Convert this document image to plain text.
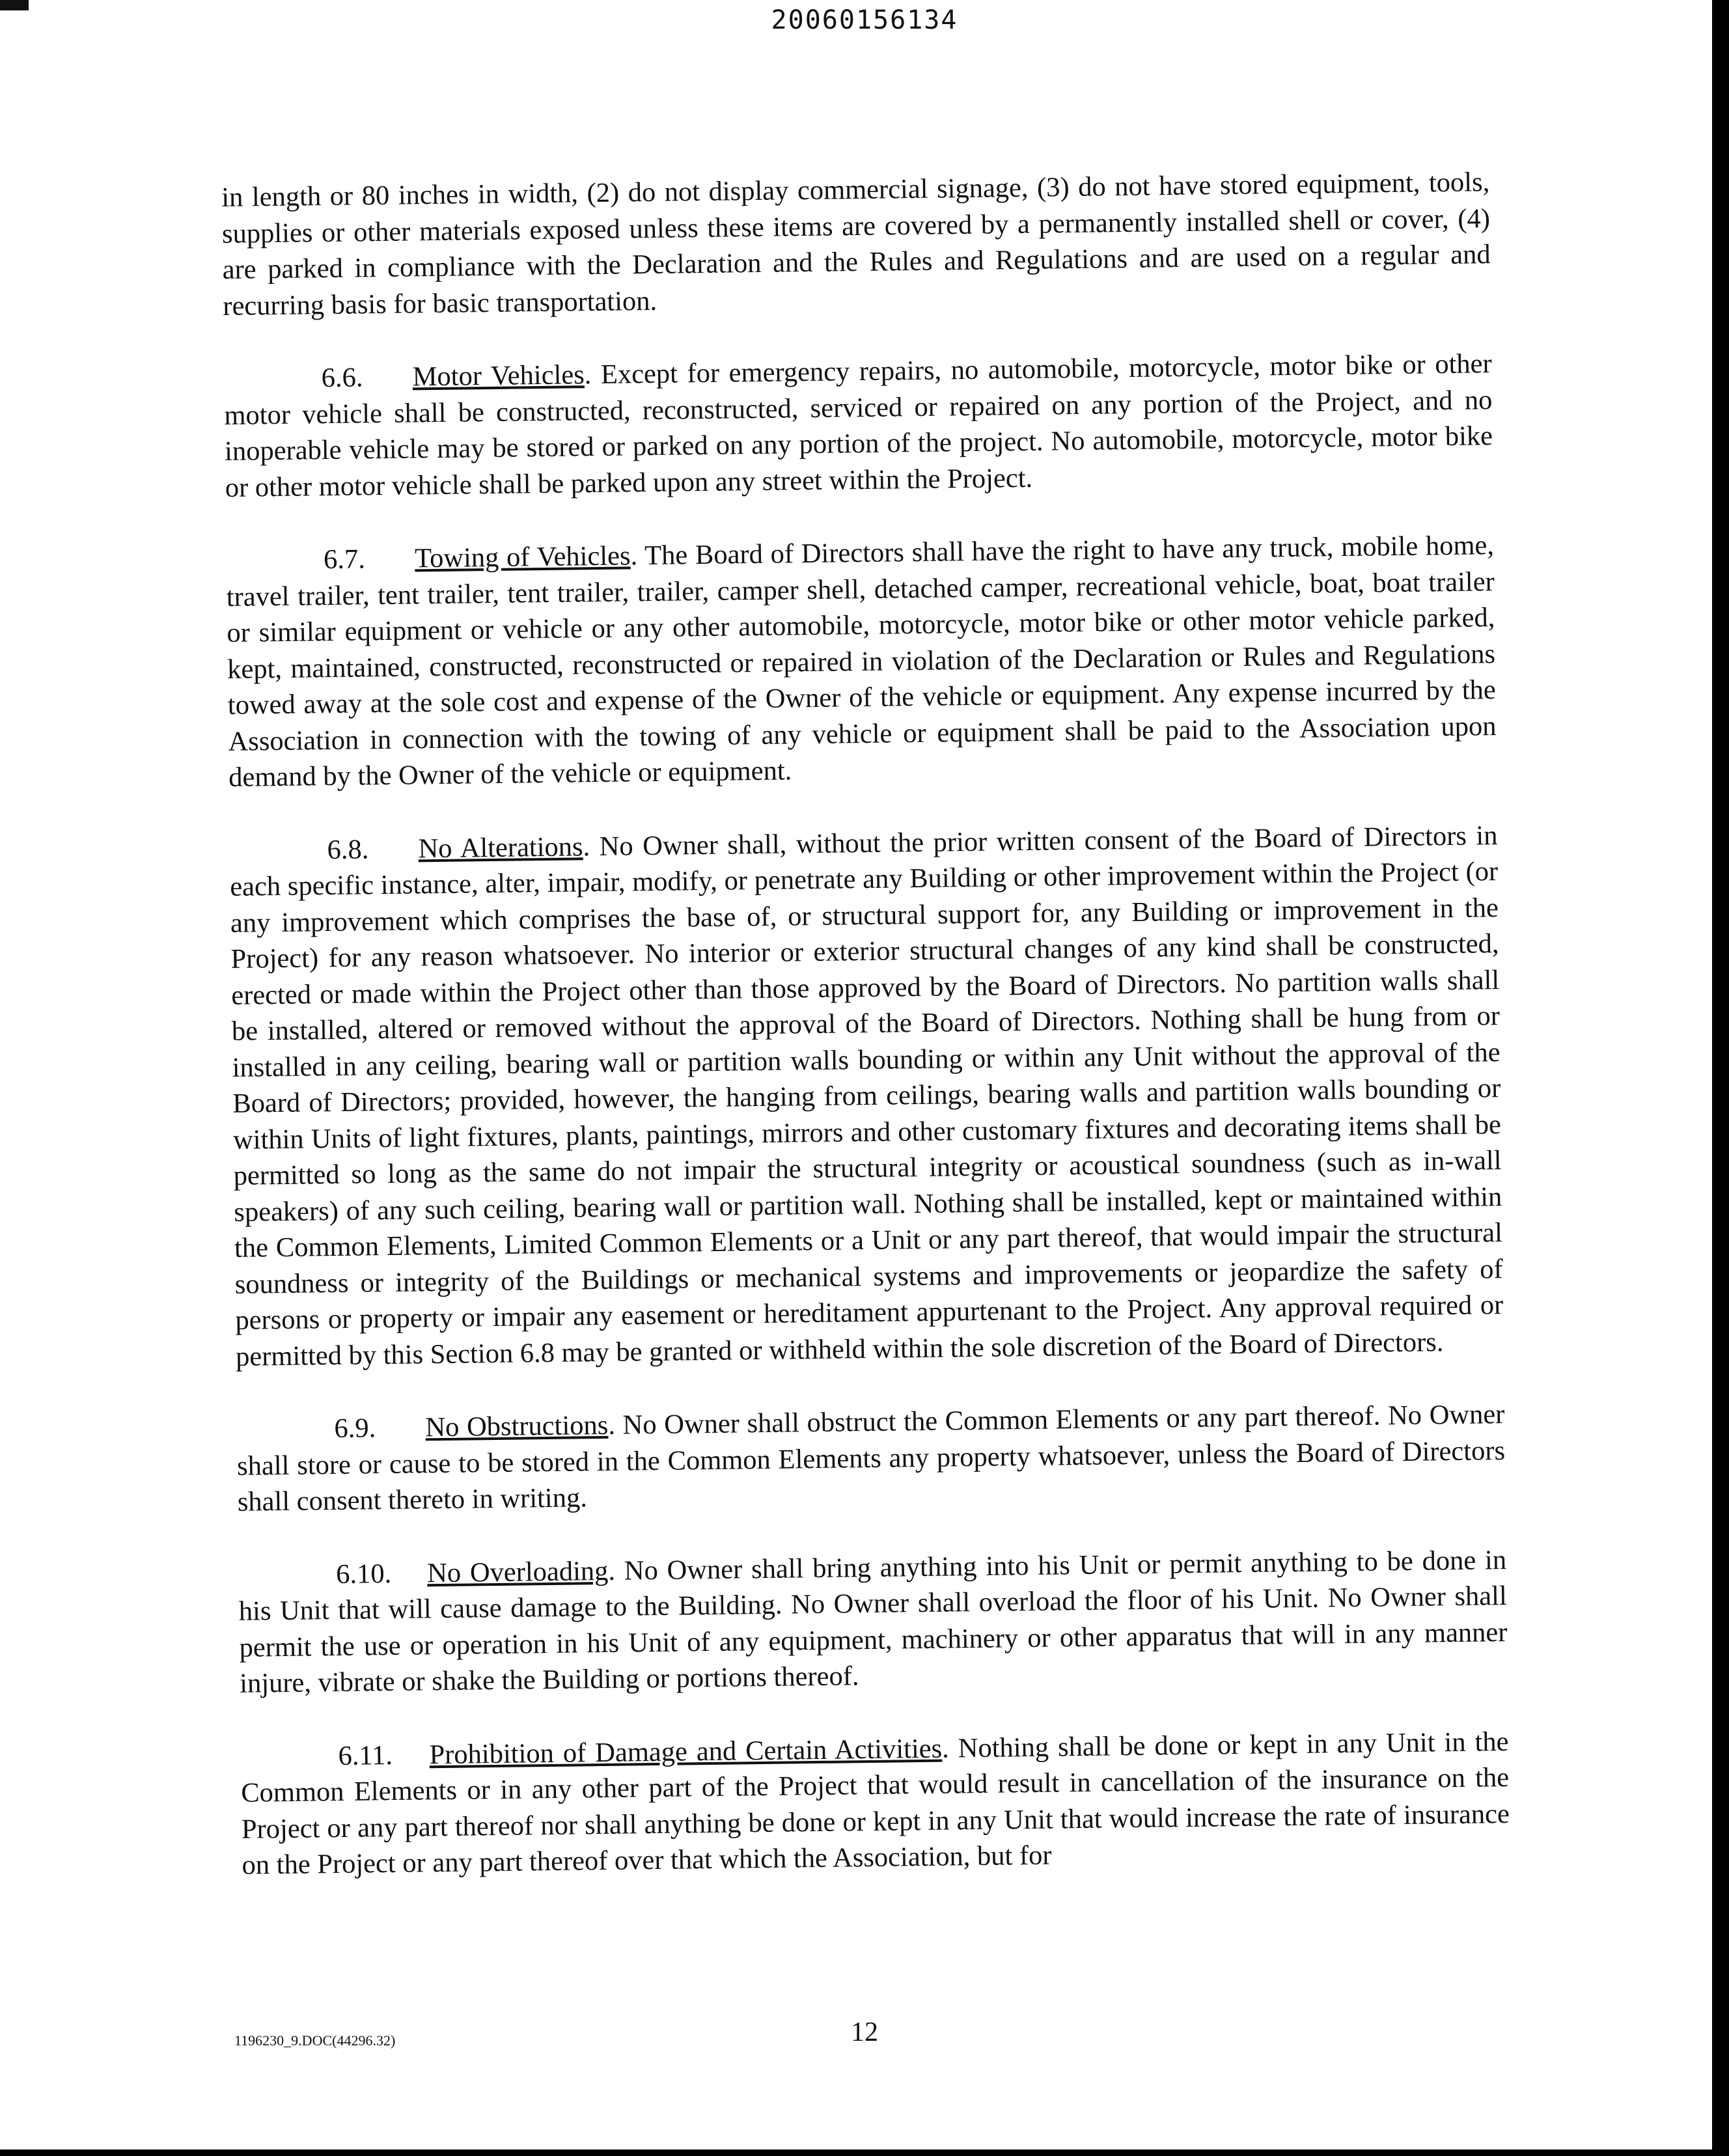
20060156134

in length or 80 inches in width, (2) do not display commercial signage, (3) do not have stored equipment, tools, supplies or other materials exposed unless these items are covered by a permanently installed shell or cover, (4) are parked in compliance with the Declaration and the Rules and Regulations and are used on a regular and recurring basis for basic transportation.

6.6. Motor Vehicles. Except for emergency repairs, no automobile, motorcycle, motor bike or other motor vehicle shall be constructed, reconstructed, serviced or repaired on any portion of the Project, and no inoperable vehicle may be stored or parked on any portion of the project. No automobile, motorcycle, motor bike or other motor vehicle shall be parked upon any street within the Project.

6.7. Towing of Vehicles. The Board of Directors shall have the right to have any truck, mobile home, travel trailer, tent trailer, tent trailer, trailer, camper shell, detached camper, recreational vehicle, boat, boat trailer or similar equipment or vehicle or any other automobile, motorcycle, motor bike or other motor vehicle parked, kept, maintained, constructed, reconstructed or repaired in violation of the Declaration or Rules and Regulations towed away at the sole cost and expense of the Owner of the vehicle or equipment. Any expense incurred by the Association in connection with the towing of any vehicle or equipment shall be paid to the Association upon demand by the Owner of the vehicle or equipment.

6.8. No Alterations. No Owner shall, without the prior written consent of the Board of Directors in each specific instance, alter, impair, modify, or penetrate any Building or other improvement within the Project (or any improvement which comprises the base of, or structural support for, any Building or improvement in the Project) for any reason whatsoever. No interior or exterior structural changes of any kind shall be constructed, erected or made within the Project other than those approved by the Board of Directors. No partition walls shall be installed, altered or removed without the approval of the Board of Directors. Nothing shall be hung from or installed in any ceiling, bearing wall or partition walls bounding or within any Unit without the approval of the Board of Directors; provided, however, the hanging from ceilings, bearing walls and partition walls bounding or within Units of light fixtures, plants, paintings, mirrors and other customary fixtures and decorating items shall be permitted so long as the same do not impair the structural integrity or acoustical soundness (such as in-wall speakers) of any such ceiling, bearing wall or partition wall. Nothing shall be installed, kept or maintained within the Common Elements, Limited Common Elements or a Unit or any part thereof, that would impair the structural soundness or integrity of the Buildings or mechanical systems and improvements or jeopardize the safety of persons or property or impair any easement or hereditament appurtenant to the Project. Any approval required or permitted by this Section 6.8 may be granted or withheld within the sole discretion of the Board of Directors.

6.9. No Obstructions. No Owner shall obstruct the Common Elements or any part thereof. No Owner shall store or cause to be stored in the Common Elements any property whatsoever, unless the Board of Directors shall consent thereto in writing.

6.10. No Overloading. No Owner shall bring anything into his Unit or permit anything to be done in his Unit that will cause damage to the Building. No Owner shall overload the floor of his Unit. No Owner shall permit the use or operation in his Unit of any equipment, machinery or other apparatus that will in any manner injure, vibrate or shake the Building or portions thereof.

6.11. Prohibition of Damage and Certain Activities. Nothing shall be done or kept in any Unit in the Common Elements or in any other part of the Project that would result in cancellation of the insurance on the Project or any part thereof nor shall anything be done or kept in any Unit that would increase the rate of insurance on the Project or any part thereof over that which the Association, but for

1196230_9.DOC(44296.32)	12
